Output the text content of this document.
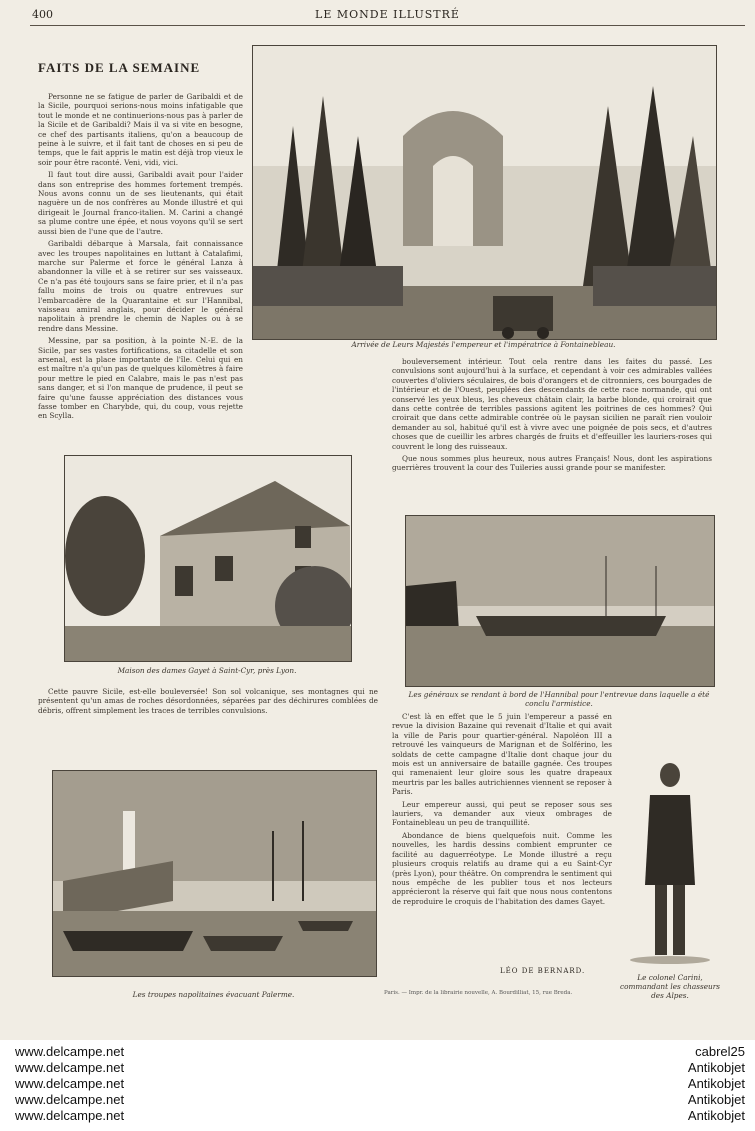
400	LE MONDE ILLUSTRÉ
FAITS DE LA SEMAINE
Arrivée de Leurs Majestés l'empereur et l'impératrice à Fontainebleau.

Personne ne se fatigue de parler de Garibaldi et de la Sicile, pourquoi serions-nous moins infatigable que tout le monde et ne continuerions-nous pas à parler de la Sicile et de Garibaldi? Mais il va si vite en besogne, ce chef des partisants italiens, qu'on a beaucoup de peine à le suivre, et il fait tant de choses en si peu de temps, que le fait appris le matin est déjà trop vieux le soir pour être raconté. Veni, vidi, vici.

Il faut tout dire aussi, Garibaldi avait pour l'aider dans son entreprise des hommes fortement trempés. Nous avons connu un de ses lieutenants, qui était naguère un de nos confrères au Monde illustré et qui dirigeait le Journal franco-italien. M. Carini a changé sa plume contre une épée, et nous voyons qu'il se sert aussi bien de l'une que de l'autre.

Garibaldi débarque à Marsala, fait connaissance avec les troupes napolitaines en luttant à Catalafimi, marche sur Palerme et force le général Lanza à abandonner la ville et à se retirer sur ses vaisseaux. Ce n'a pas été toujours sans se faire prier, et il n'a pas fallu moins de trois ou quatre entrevues sur l'embarcadère de la Quarantaine et sur l'Hannibal, vaisseau amiral anglais, pour décider le général napolitain à prendre le chemin de Naples ou à se rendre dans Messine.

Messine, par sa position, à la pointe N.-E. de la Sicile, par ses vastes fortifications, sa citadelle et son arsenal, est la place importante de l'île. Celui qui en est maître n'a qu'un pas de quelques kilomètres à faire pour mettre le pied en Calabre, mais le pas n'est pas sans danger, et si l'on manque de prudence, il peut se faire qu'une fausse appréciation des distances vous fasse tomber en Charybde, qui, du coup, vous rejette en Scylla.

Maison des dames Gayet à Saint-Cyr, près Lyon.

Cette pauvre Sicile, est-elle bouleversée! Son sol volcanique, ses montagnes qui ne présentent qu'un amas de roches désordonnées, séparées par des déchirures comblées de débris, offrent simplement les traces de terribles convulsions.

Les troupes napolitaines évacuant Palerme.

bouleversement intérieur. Tout cela rentre dans les faites du passé. Les convulsions sont aujourd'hui à la surface, et cependant à voir ces admirables vallées couvertes d'oliviers séculaires, de bois d'orangers et de citronniers, ces bourgades de l'intérieur et de l'Ouest, peuplées des descendants de cette race normande, qui ont conservé les yeux bleus, les cheveux châtain clair, la barbe blonde, qui croirait que dans cette contrée de terribles passions agitent les poitrines de ces hommes? Qui croirait que dans cette admirable contrée où le paysan sicilien ne paraît rien vouloir demander au sol, habitué qu'il est à vivre avec une poignée de pois secs, et d'autres choses que de cueillir les arbres chargés de fruits et d'effeuiller les lauriers-roses qui couvrent le long des ruisseaux.

Que nous sommes plus heureux, nous autres Français! Nous, dont les aspirations guerrières trouvent la cour des Tuileries aussi grande pour se manifester.

Les généraux se rendant à bord de l'Hannibal pour l'entrevue dans laquelle a été conclu l'armistice.

C'est là en effet que le 5 juin l'empereur a passé en revue la division Bazaine qui revenait d'Italie et qui avait la ville de Paris pour quartier-général. Napoléon III a retrouvé les vainqueurs de Marignan et de Solférino, les soldats de cette campagne d'Italie dont chaque jour du mois est un anniversaire de bataille gagnée. Ces troupes qui ramenaient leur gloire sous les quatre drapeaux meurtris par les balles autrichiennes viennent se reposer à Paris.

Leur empereur aussi, qui peut se reposer sous ses lauriers, va demander aux vieux ombrages de Fontainebleau un peu de tranquillité.

Abondance de biens quelquefois nuit. Comme les nouvelles, les hardis dessins combient emprunter ce facilité au daguerréotype. Le Monde illustré a reçu plusieurs croquis relatifs au drame qui a eu Saint-Cyr (près Lyon), pour théâtre. On comprendra le sentiment qui nous empêche de les publier tous et nos lecteurs apprécieront la réserve qui fait que nous nous contentons de reproduire le croquis de l'habitation des dames Gayet.

LÉO DE BERNARD.
Le colonel Carini, commandant les chasseurs des Alpes.
Paris. — Impr. de la librairie nouvelle, A. Bourdilliat, 15, rue Breda.
www.delcampe.net
www.delcampe.net
www.delcampe.net
www.delcampe.net
www.delcampe.net
cabrel25
Antikobjet
Antikobjet
Antikobjet
Antikobjet
